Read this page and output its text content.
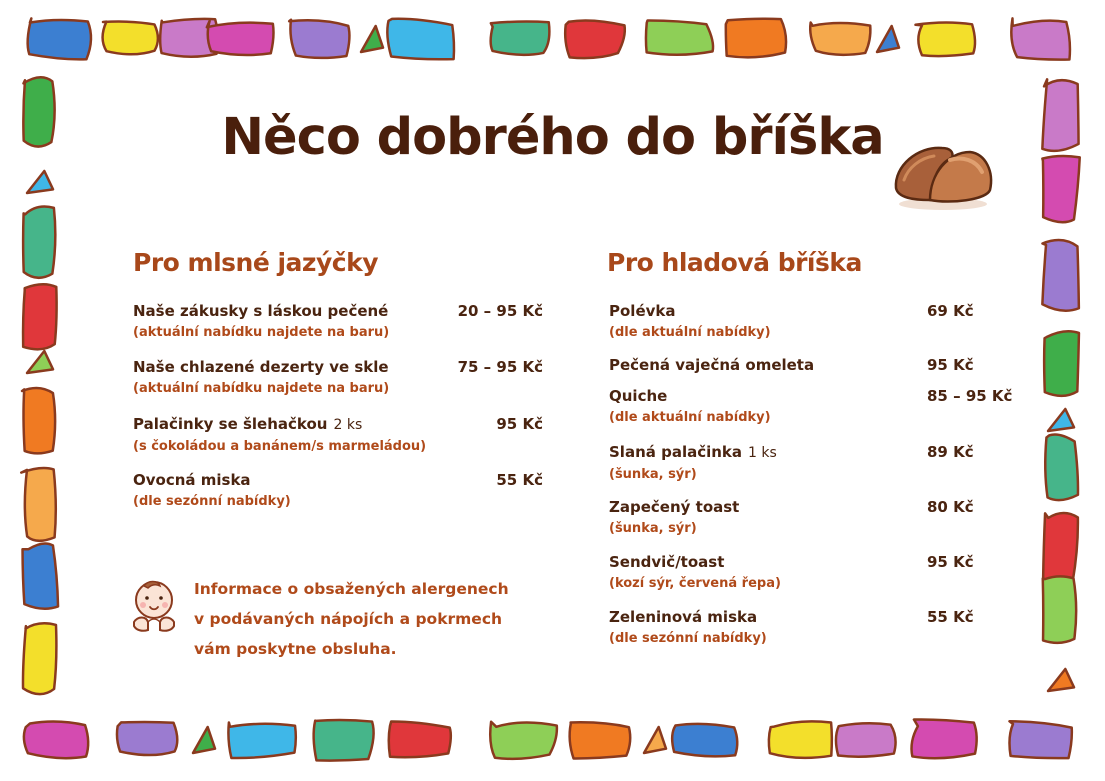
Něco dobrého do bříška
Pro mlsné jazýčky	Pro hladová bříška
Naše zákusky s láskou pečené
(aktuální nabídku najdete na baru)
20 – 95 Kč
Naše chlazené dezerty ve skle
(aktuální nabídku najdete na baru)
75 – 95 Kč
Palačinky se šlehačkou 2 ks
(s čokoládou a banánem/s marmeládou)
95 Kč
Ovocná miska
(dle sezónní nabídky)
55 Kč
Polévka
(dle aktuální nabídky)
69 Kč
Pečená vaječná omeleta	95 Kč
Quiche
(dle aktuální nabídky)
85 – 95 Kč
Slaná palačinka 1 ks
(šunka, sýr)
89 Kč
Zapečený toast
(šunka, sýr)
80 Kč
Sendvič/toast
(kozí sýr, červená řepa)
95 Kč
Zeleninová miska
(dle sezónní nabídky)
55 Kč
Informace o obsažených alergenech
v podávaných nápojích a pokrmech
vám poskytne obsluha.
